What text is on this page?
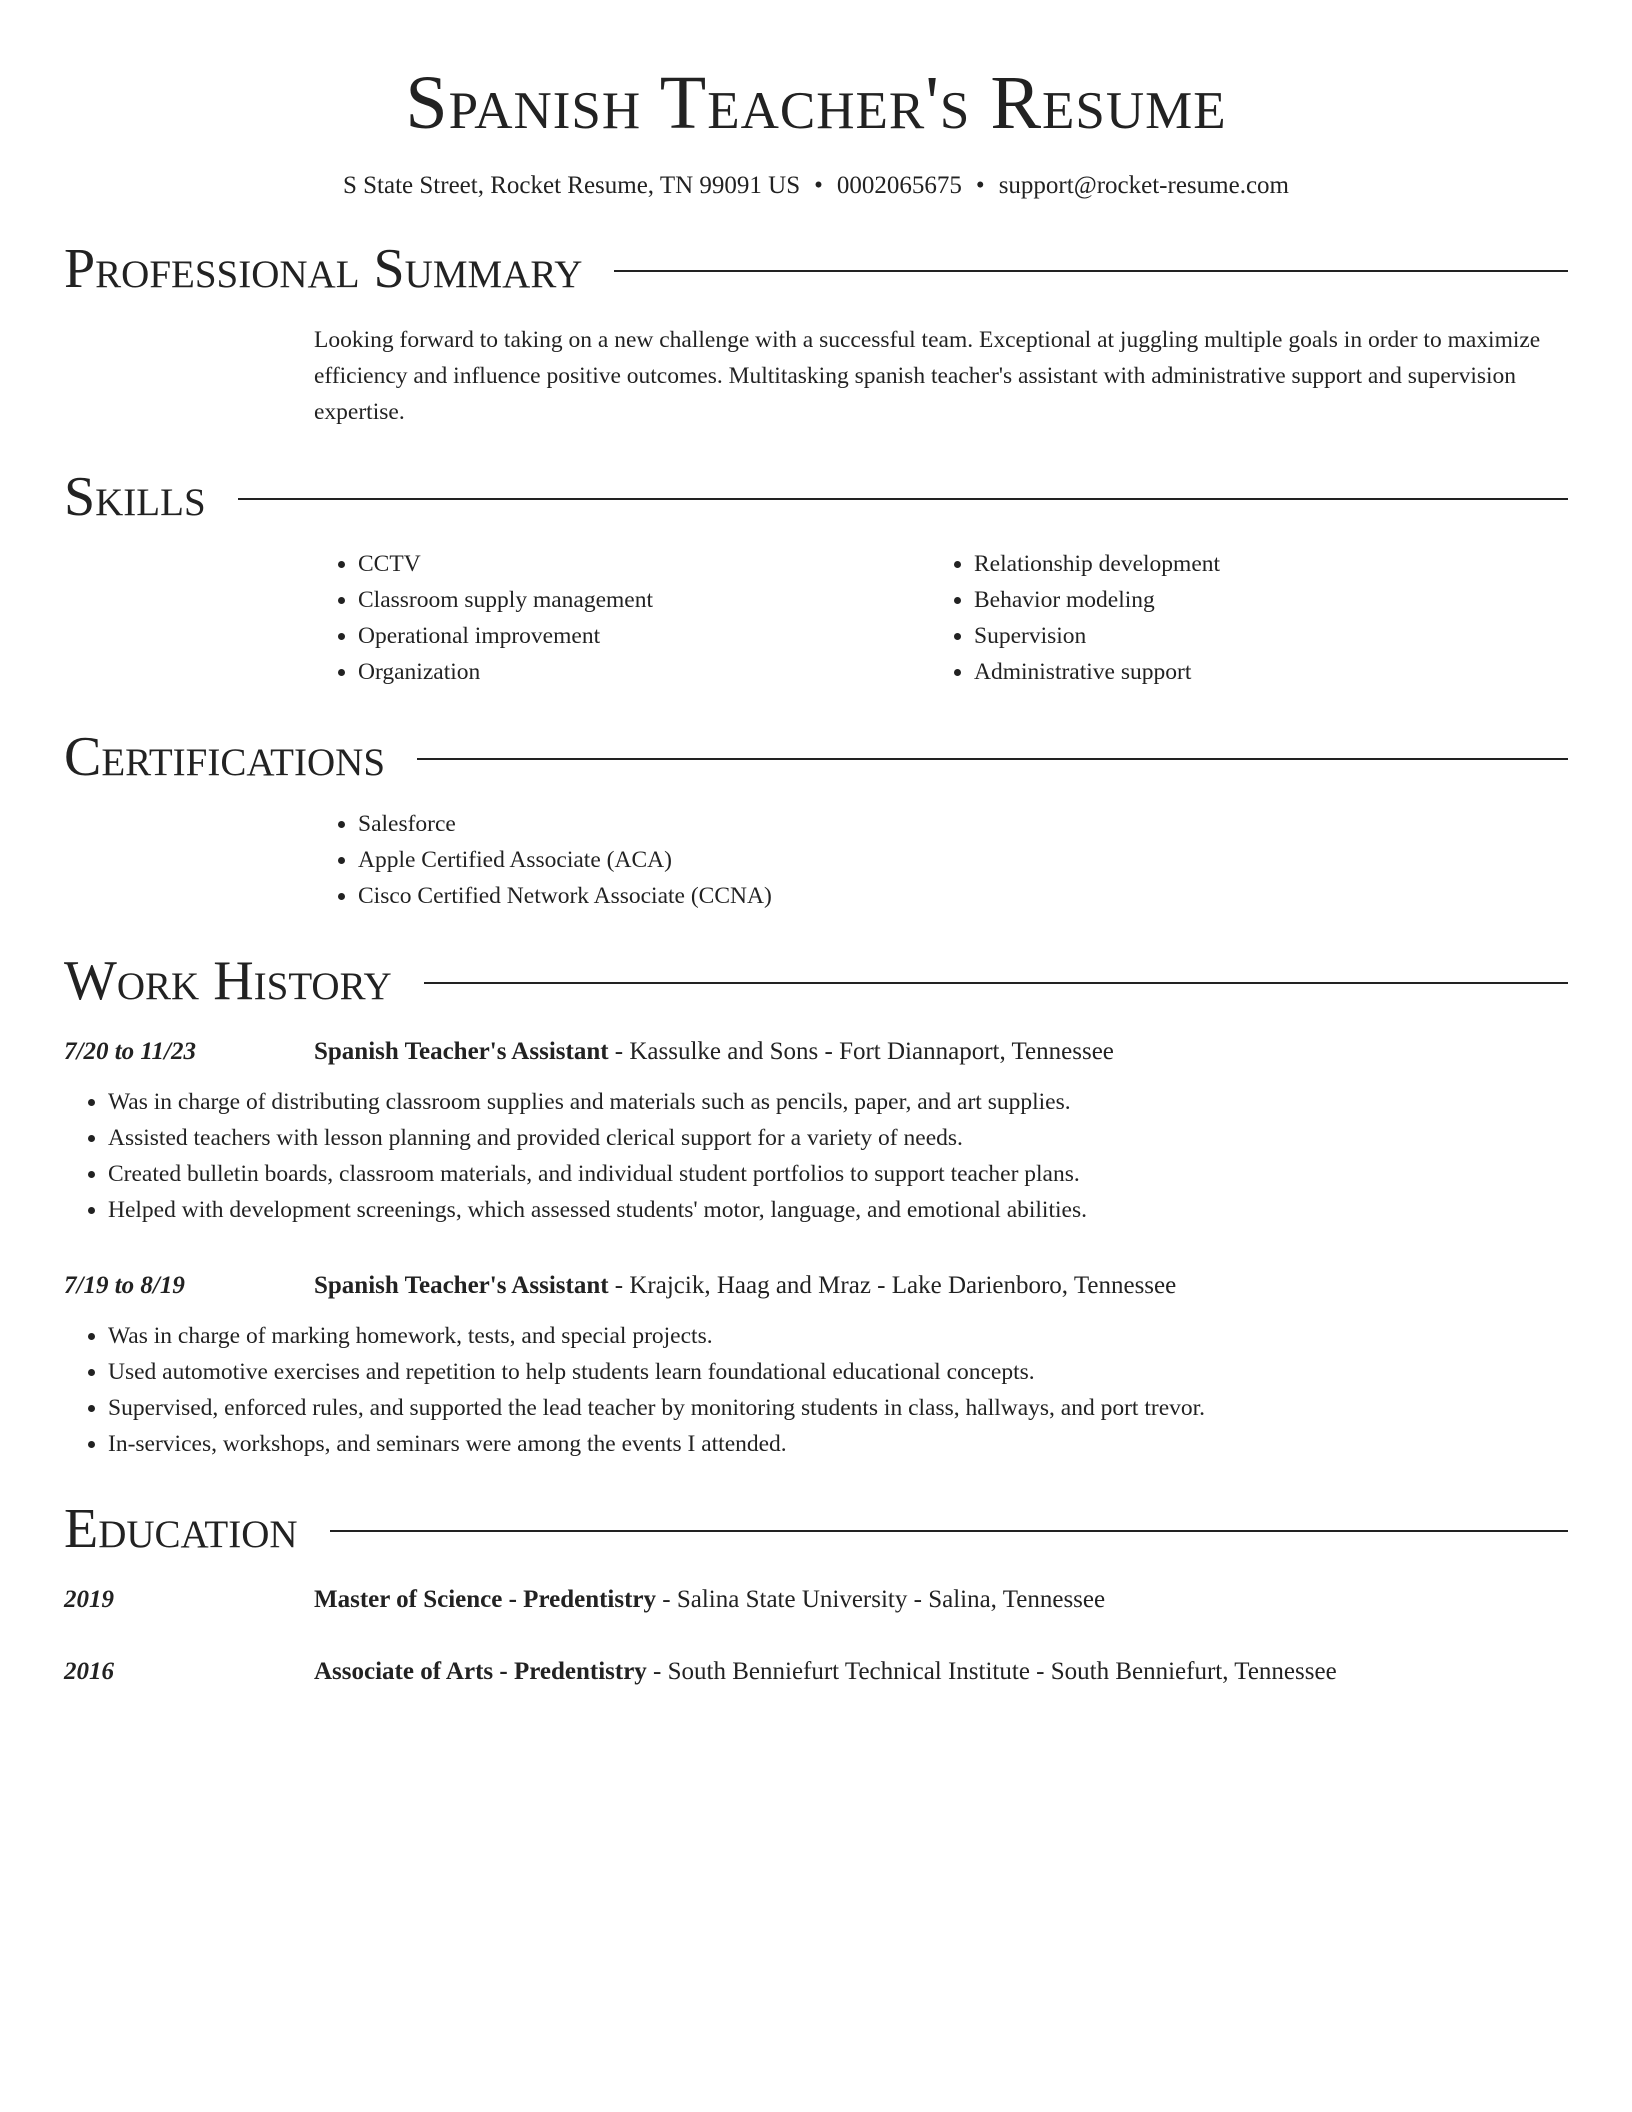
Spanish Teacher's Resume
S State Street, Rocket Resume, TN 99091 US • 0002065675 • support@rocket-resume.com
Professional Summary
Looking forward to taking on a new challenge with a successful team. Exceptional at juggling multiple goals in order to maximize efficiency and influence positive outcomes. Multitasking spanish teacher's assistant with administrative support and supervision expertise.
Skills
• CCTV
• Classroom supply management
• Operational improvement
• Organization
• Relationship development
• Behavior modeling
• Supervision
• Administrative support
Certifications
• Salesforce
• Apple Certified Associate (ACA)
• Cisco Certified Network Associate (CCNA)
Work History
7/20 to 11/23	Spanish Teacher's Assistant - Kassulke and Sons - Fort Diannaport, Tennessee
• Was in charge of distributing classroom supplies and materials such as pencils, paper, and art supplies.
• Assisted teachers with lesson planning and provided clerical support for a variety of needs.
• Created bulletin boards, classroom materials, and individual student portfolios to support teacher plans.
• Helped with development screenings, which assessed students' motor, language, and emotional abilities.
7/19 to 8/19	Spanish Teacher's Assistant - Krajcik, Haag and Mraz - Lake Darienboro, Tennessee
• Was in charge of marking homework, tests, and special projects.
• Used automotive exercises and repetition to help students learn foundational educational concepts.
• Supervised, enforced rules, and supported the lead teacher by monitoring students in class, hallways, and port trevor.
• In-services, workshops, and seminars were among the events I attended.
Education
2019	Master of Science - Predentistry - Salina State University - Salina, Tennessee
2016	Associate of Arts - Predentistry - South Benniefurt Technical Institute - South Benniefurt, Tennessee
